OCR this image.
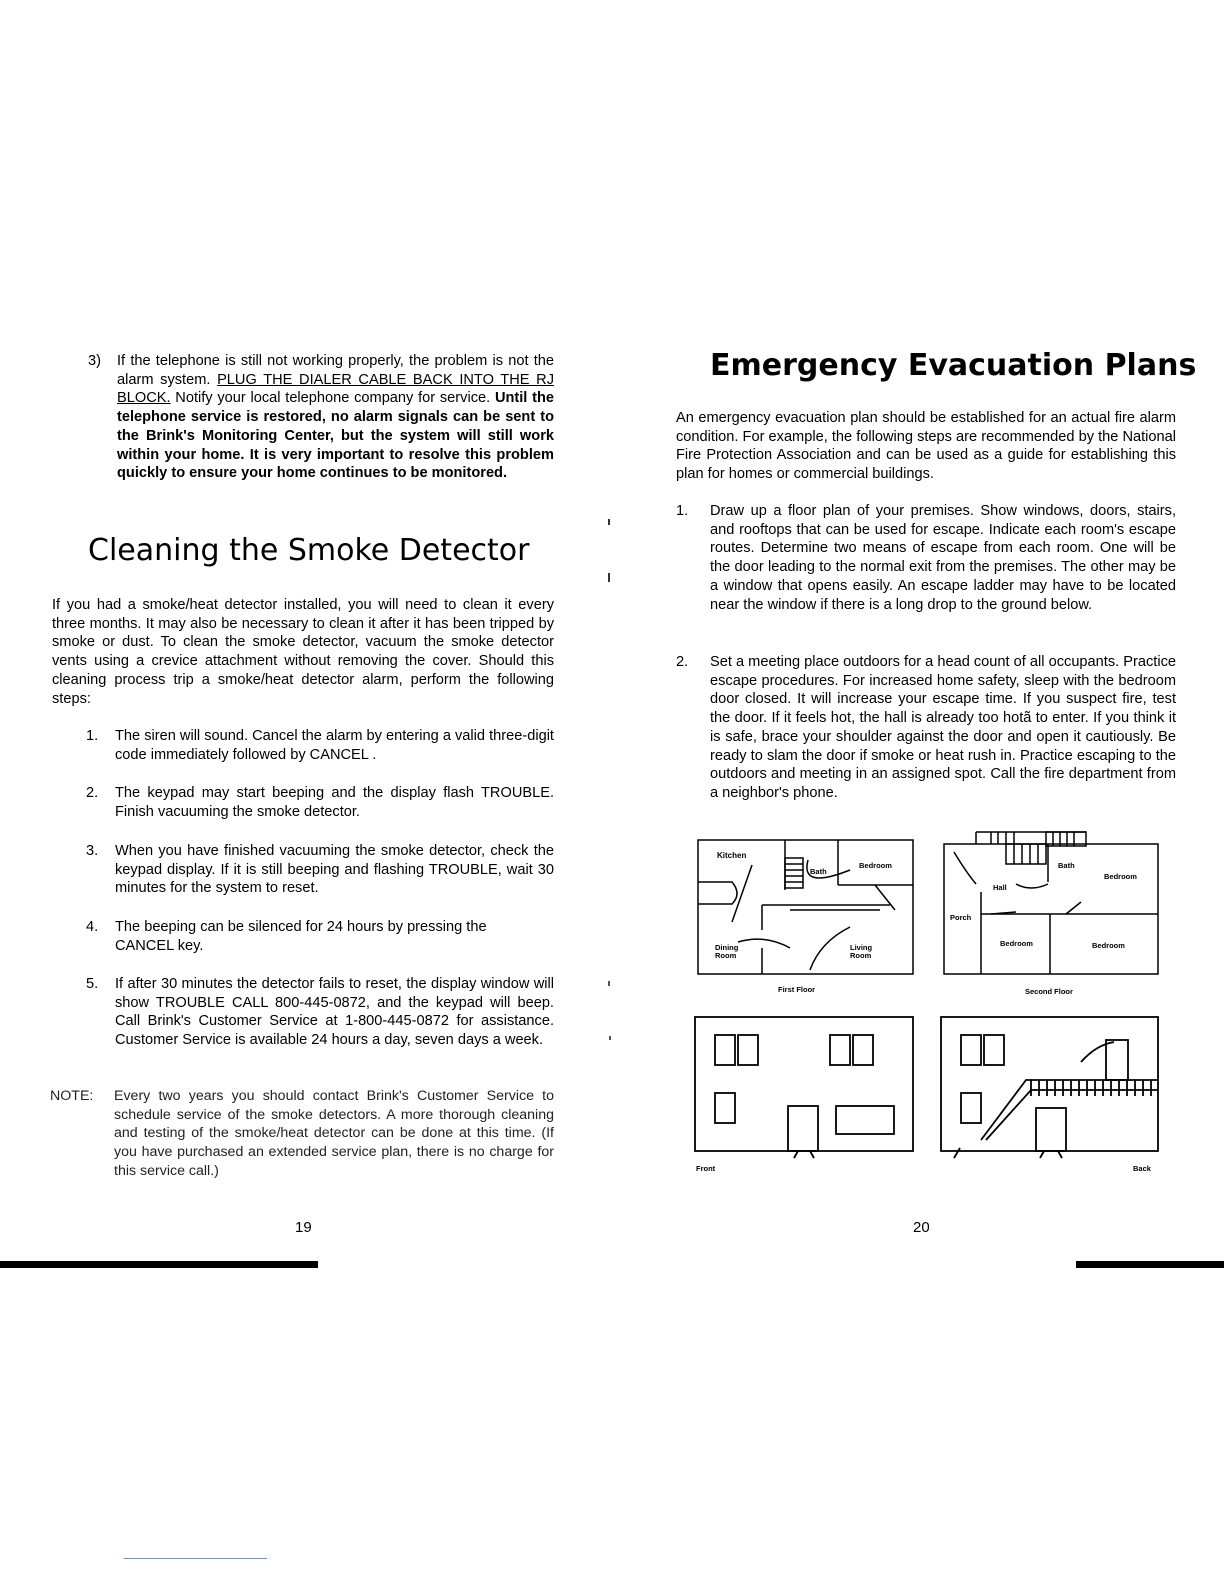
3) If the telephone is still not working properly, the problem is not the alarm system. PLUG THE DIALER CABLE BACK INTO THE RJ BLOCK. Notify your local telephone company for service. Until the telephone service is restored, no alarm signals can be sent to the Brink's Monitoring Center, but the system will still work within your home. It is very important to resolve this problem quickly to ensure your home continues to be monitored.

Cleaning the Smoke Detector

If you had a smoke/heat detector installed, you will need to clean it every three months. It may also be necessary to clean it after it has been tripped by smoke or dust. To clean the smoke detector, vacuum the smoke detector vents using a crevice attachment without removing the cover. Should this cleaning process trip a smoke/heat detector alarm, perform the following steps:

1. The siren will sound. Cancel the alarm by entering a valid three-digit code immediately followed by CANCEL .

2. The keypad may start beeping and the display flash TROUBLE. Finish vacuuming the smoke detector.

3. When you have finished vacuuming the smoke detector, check the keypad display. If it is still beeping and flashing TROUBLE, wait 30 minutes for the system to reset.

4. The beeping can be silenced for 24 hours by pressing the CANCEL key.

5. If after 30 minutes the detector fails to reset, the display window will show TROUBLE CALL 800-445-0872, and the keypad will beep. Call Brink's Customer Service at 1-800-445-0872 for assistance. Customer Service is available 24 hours a day, seven days a week.

NOTE: Every two years you should contact Brink's Customer Service to schedule service of the smoke detectors. A more thorough cleaning and testing of the smoke/heat detector can be done at this time. (If you have purchased an extended service plan, there is no charge for this service call.)

19
Emergency Evacuation Plans

An emergency evacuation plan should be established for an actual fire alarm condition. For example, the following steps are recommended by the National Fire Protection Association and can be used as a guide for establishing this plan for homes or commercial buildings.

1. Draw up a floor plan of your premises. Show windows, doors, stairs, and rooftops that can be used for escape. Indicate each room's escape routes. Determine two means of escape from each room. One will be the door leading to the normal exit from the premises. The other may be a window that opens easily. An escape ladder may have to be located near the window if there is a long drop to the ground below.

2. Set a meeting place outdoors for a head count of all occupants. Practice escape procedures. For increased home safety, sleep with the bedroom door closed. It will increase your escape time. If you suspect fire, test the door. If it feels hot, the hall is already too hotã to enter. If you think it is safe, brace your shoulder against the door and open it cautiously. Be ready to slam the door if smoke or heat rush in. Practice escaping to the outdoors and meeting in an assigned spot. Call the fire department from a neighbor's phone.

Kitchen
Bath
Bedroom
Dining
Room
Living
Room
First Floor
Bath
Bedroom
Hall
Porch
Bedroom	Bedroom
Second Floor
Front	Back
20
